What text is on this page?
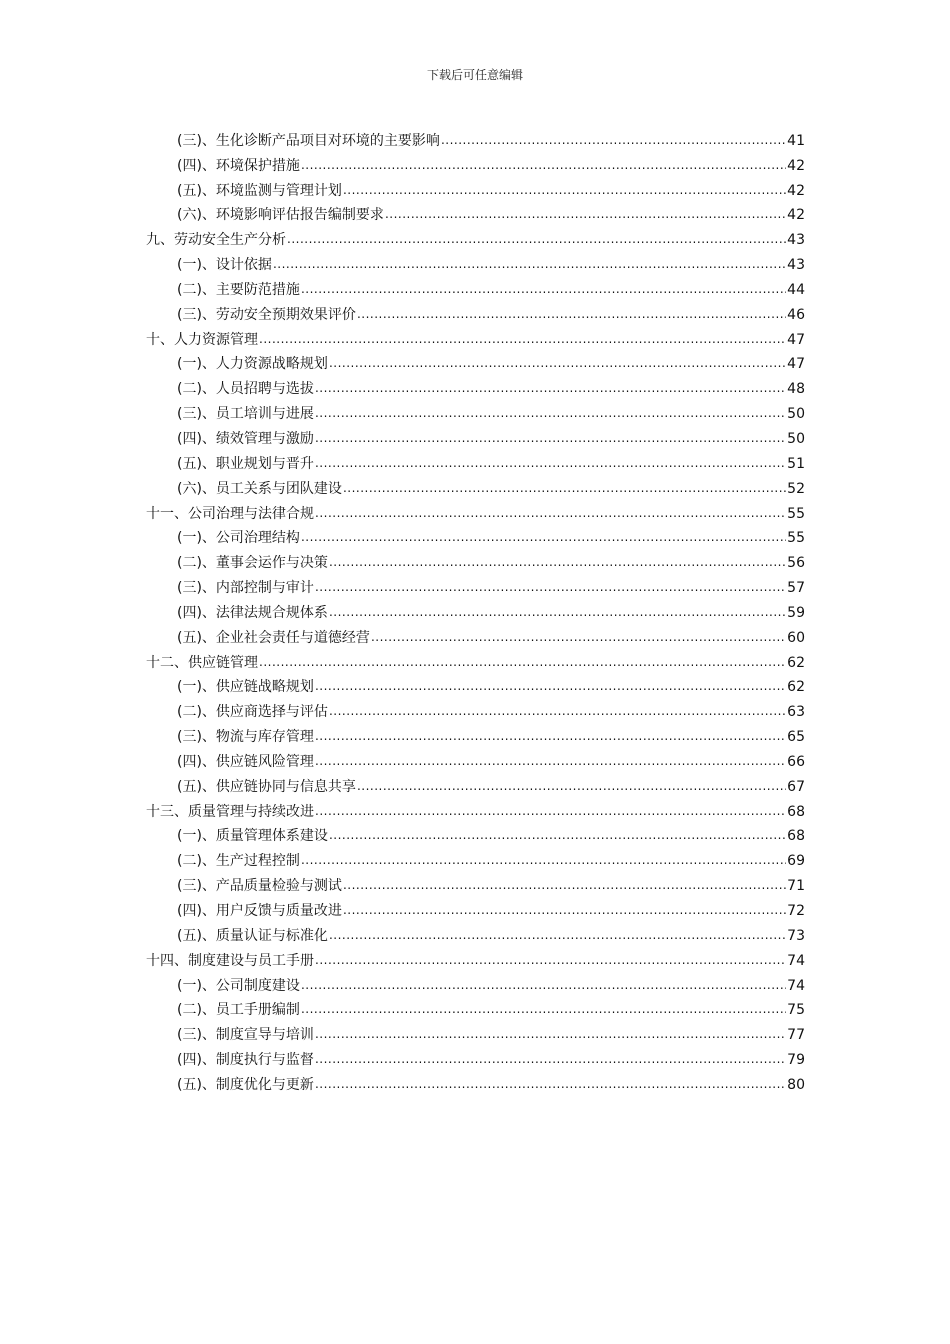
下载后可任意编辑
(三)、生化诊断产品项目对环境的主要影响 .....	41
(四)、环境保护措施 .....	42
(五)、环境监测与管理计划 .....	42
(六)、环境影响评估报告编制要求 .....	42
九、劳动安全生产分析 .....	43
(一)、设计依据 .....	43
(二)、主要防范措施 .....	44
(三)、劳动安全预期效果评价 .....	46
十、人力资源管理 .....	47
(一)、人力资源战略规划 .....	47
(二)、人员招聘与选拔 .....	48
(三)、员工培训与进展 .....	50
(四)、绩效管理与激励 .....	50
(五)、职业规划与晋升 .....	51
(六)、员工关系与团队建设 .....	52
十一、公司治理与法律合规 .....	55
(一)、公司治理结构 .....	55
(二)、董事会运作与决策 .....	56
(三)、内部控制与审计 .....	57
(四)、法律法规合规体系 .....	59
(五)、企业社会责任与道德经营 .....	60
十二、供应链管理 .....	62
(一)、供应链战略规划 .....	62
(二)、供应商选择与评估 .....	63
(三)、物流与库存管理 .....	65
(四)、供应链风险管理 .....	66
(五)、供应链协同与信息共享 .....	67
十三、质量管理与持续改进 .....	68
(一)、质量管理体系建设 .....	68
(二)、生产过程控制 .....	69
(三)、产品质量检验与测试 .....	71
(四)、用户反馈与质量改进 .....	72
(五)、质量认证与标准化 .....	73
十四、制度建设与员工手册 .....	74
(一)、公司制度建设 .....	74
(二)、员工手册编制 .....	75
(三)、制度宣导与培训 .....	77
(四)、制度执行与监督 .....	79
(五)、制度优化与更新 .....	80
